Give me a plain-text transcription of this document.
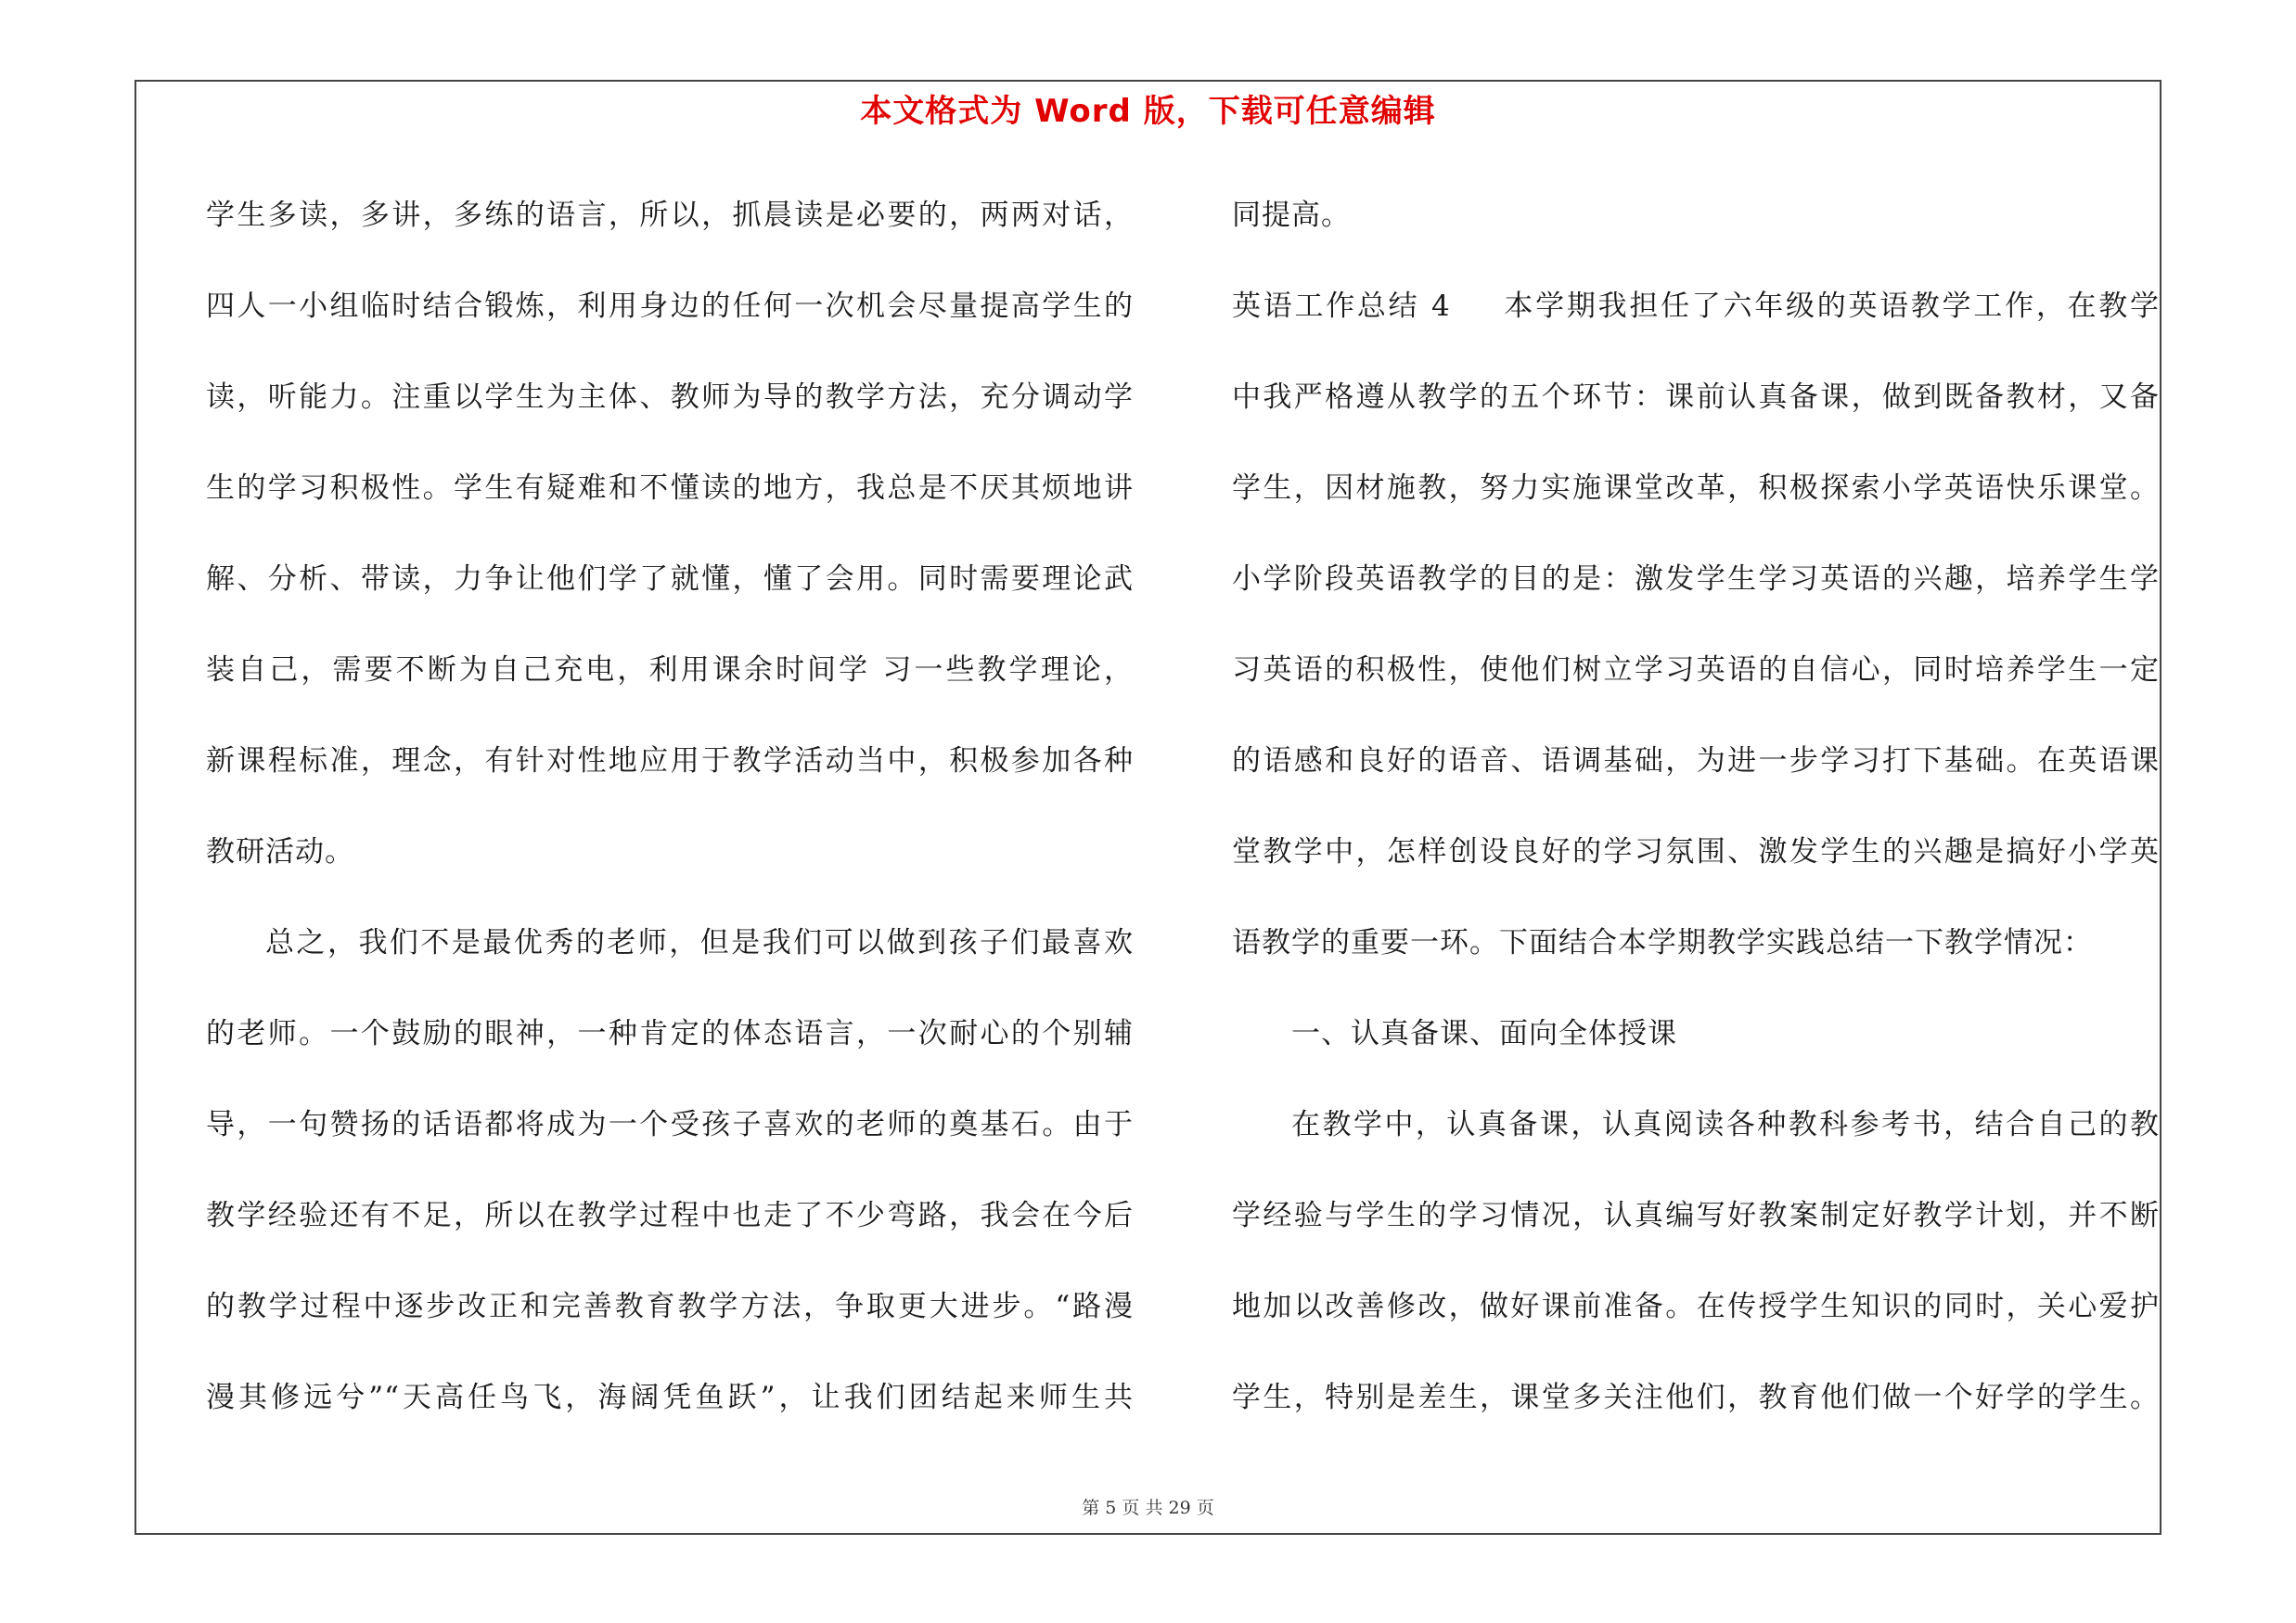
本文格式为 Word 版，下载可任意编辑
学生多读，多讲，多练的语言，所以，抓晨读是必要的，两两对话，
四人一小组临时结合锻炼，利用身边的任何一次机会尽量提高学生的
读，听能力。注重以学生为主体、教师为导的教学方法，充分调动学
生的学习积极性。学生有疑难和不懂读的地方，我总是不厌其烦地讲
解、分析、带读，力争让他们学了就懂，懂了会用。同时需要理论武
装自己，需要不断为自己充电，利用课余时间学 习一些教学理论，
新课程标准，理念，有针对性地应用于教学活动当中，积极参加各种
教研活动。
总之，我们不是最优秀的老师，但是我们可以做到孩子们最喜欢
的老师。一个鼓励的眼神，一种肯定的体态语言，一次耐心的个别辅
导，一句赞扬的话语都将成为一个受孩子喜欢的老师的奠基石。由于
教学经验还有不足，所以在教学过程中也走了不少弯路，我会在今后
的教学过程中逐步改正和完善教育教学方法，争取更大进步。“路漫
漫其修远兮”“天高任鸟飞，海阔凭鱼跃”，让我们团结起来师生共
同提高。
英语工作总结 4 本学期我担任了六年级的英语教学工作，在教学
中我严格遵从教学的五个环节：课前认真备课，做到既备教材，又备
学生，因材施教，努力实施课堂改革，积极探索小学英语快乐课堂。
小学阶段英语教学的目的是：激发学生学习英语的兴趣，培养学生学
习英语的积极性，使他们树立学习英语的自信心，同时培养学生一定
的语感和良好的语音、语调基础，为进一步学习打下基础。在英语课
堂教学中，怎样创设良好的学习氛围、激发学生的兴趣是搞好小学英
语教学的重要一环。下面结合本学期教学实践总结一下教学情况：
一、认真备课、面向全体授课
在教学中，认真备课，认真阅读各种教科参考书，结合自己的教
学经验与学生的学习情况，认真编写好教案制定好教学计划，并不断
地加以改善修改，做好课前准备。在传授学生知识的同时，关心爱护
学生，特别是差生，课堂多关注他们，教育他们做一个好学的学生。
第 5 页 共 29 页
